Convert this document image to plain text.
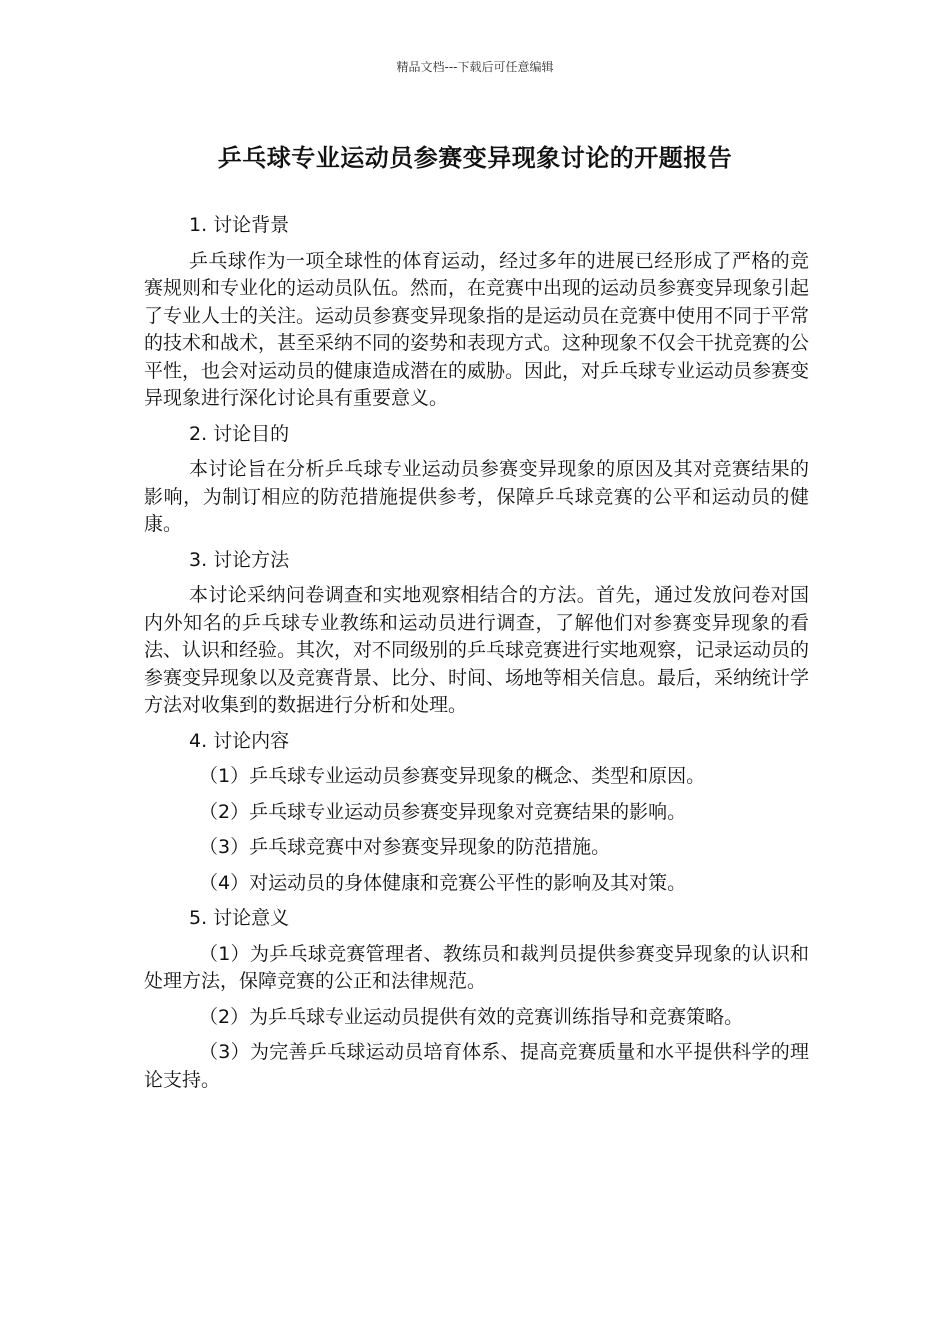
精品文档---下载后可任意编辑
乒乓球专业运动员参赛变异现象讨论的开题报告

1. 讨论背景

乒乓球作为一项全球性的体育运动，经过多年的进展已经形成了严格的竞赛规则和专业化的运动员队伍。然而，在竞赛中出现的运动员参赛变异现象引起了专业人士的关注。运动员参赛变异现象指的是运动员在竞赛中使用不同于平常的技术和战术，甚至采纳不同的姿势和表现方式。这种现象不仅会干扰竞赛的公平性，也会对运动员的健康造成潜在的威胁。因此，对乒乓球专业运动员参赛变异现象进行深化讨论具有重要意义。

2. 讨论目的

本讨论旨在分析乒乓球专业运动员参赛变异现象的原因及其对竞赛结果的影响，为制订相应的防范措施提供参考，保障乒乓球竞赛的公平和运动员的健康。

3. 讨论方法

本讨论采纳问卷调查和实地观察相结合的方法。首先，通过发放问卷对国内外知名的乒乓球专业教练和运动员进行调查，了解他们对参赛变异现象的看法、认识和经验。其次，对不同级别的乒乓球竞赛进行实地观察，记录运动员的参赛变异现象以及竞赛背景、比分、时间、场地等相关信息。最后，采纳统计学方法对收集到的数据进行分析和处理。

4. 讨论内容

（1）乒乓球专业运动员参赛变异现象的概念、类型和原因。

（2）乒乓球专业运动员参赛变异现象对竞赛结果的影响。

（3）乒乓球竞赛中对参赛变异现象的防范措施。

（4）对运动员的身体健康和竞赛公平性的影响及其对策。

5. 讨论意义

（1）为乒乓球竞赛管理者、教练员和裁判员提供参赛变异现象的认识和处理方法，保障竞赛的公正和法律规范。

（2）为乒乓球专业运动员提供有效的竞赛训练指导和竞赛策略。

（3）为完善乒乓球运动员培育体系、提高竞赛质量和水平提供科学的理论支持。
